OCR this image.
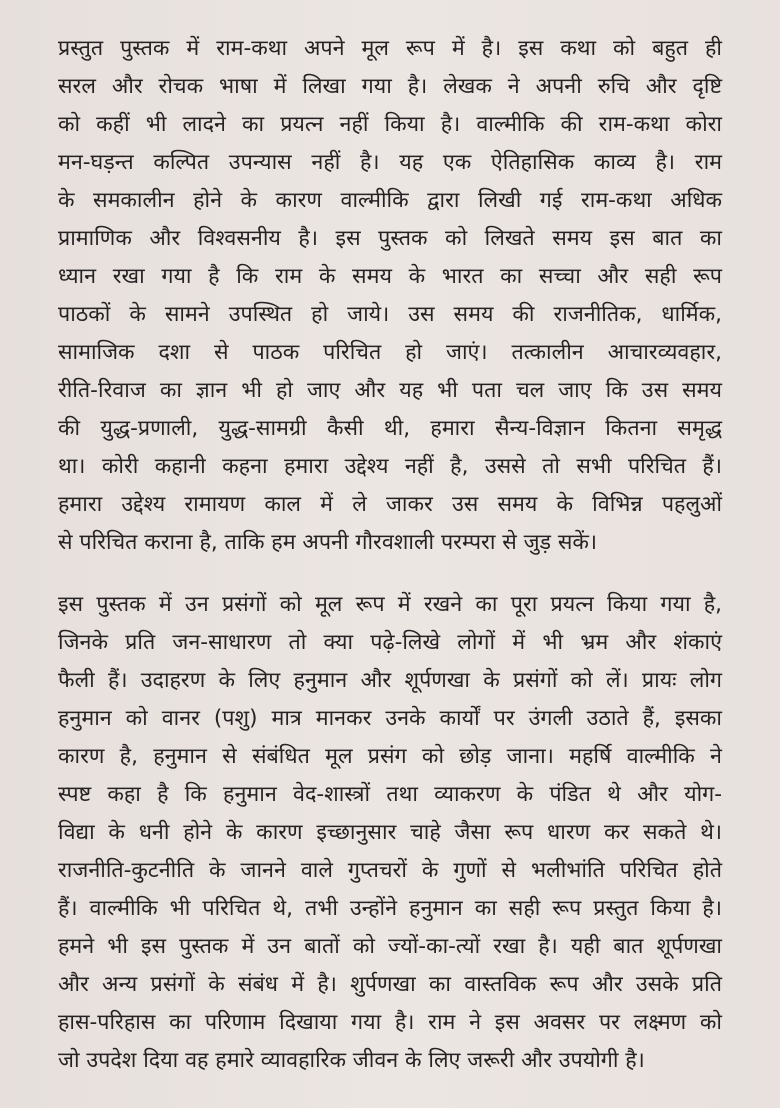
प्रस्तुत पुस्तक में राम-कथा अपने मूल रूप में है। इस कथा को बहुत ही
सरल और रोचक भाषा में लिखा गया है। लेखक ने अपनी रुचि और दृष्टि
को कहीं भी लादने का प्रयत्न नहीं किया है। वाल्मीकि की राम-कथा कोरा
मन-घड़न्त कल्पित उपन्यास नहीं है। यह एक ऐतिहासिक काव्य है। राम
के समकालीन होने के कारण वाल्मीकि द्वारा लिखी गई राम-कथा अधिक
प्रामाणिक और विश्वसनीय है। इस पुस्तक को लिखते समय इस बात का
ध्यान रखा गया है कि राम के समय के भारत का सच्चा और सही रूप
पाठकों के सामने उपस्थित हो जाये। उस समय की राजनीतिक, धार्मिक,
सामाजिक दशा से पाठक परिचित हो जाएं। तत्कालीन आचारव्यवहार,
रीति-रिवाज का ज्ञान भी हो जाए और यह भी पता चल जाए कि उस समय
की युद्ध-प्रणाली, युद्ध-सामग्री कैसी थी, हमारा सैन्य-विज्ञान कितना समृद्ध
था। कोरी कहानी कहना हमारा उद्देश्य नहीं है, उससे तो सभी परिचित हैं।
हमारा उद्देश्य रामायण काल में ले जाकर उस समय के विभिन्न पहलुओं
से परिचित कराना है, ताकि हम अपनी गौरवशाली परम्परा से जुड़ सकें।
इस पुस्तक में उन प्रसंगों को मूल रूप में रखने का पूरा प्रयत्न किया गया है,
जिनके प्रति जन-साधारण तो क्या पढ़े-लिखे लोगों में भी भ्रम और शंकाएं
फैली हैं। उदाहरण के लिए हनुमान और शूर्पणखा के प्रसंगों को लें। प्रायः लोग
हनुमान को वानर (पशु) मात्र मानकर उनके कार्यों पर उंगली उठाते हैं, इसका
कारण है, हनुमान से संबंधित मूल प्रसंग को छोड़ जाना। महर्षि वाल्मीकि ने
स्पष्ट कहा है कि हनुमान वेद-शास्त्रों तथा व्याकरण के पंडित थे और योग-
विद्या के धनी होने के कारण इच्छानुसार चाहे जैसा रूप धारण कर सकते थे।
राजनीति-कुटनीति के जानने वाले गुप्तचरों के गुणों से भलीभांति परिचित होते
हैं। वाल्मीकि भी परिचित थे, तभी उन्होंने हनुमान का सही रूप प्रस्तुत किया है।
हमने भी इस पुस्तक में उन बातों को ज्यों-का-त्यों रखा है। यही बात शूर्पणखा
और अन्य प्रसंगों के संबंध में है। शुर्पणखा का वास्तविक रूप और उसके प्रति
हास-परिहास का परिणाम दिखाया गया है। राम ने इस अवसर पर लक्ष्मण को
जो उपदेश दिया वह हमारे व्यावहारिक जीवन के लिए जरूरी और उपयोगी है।
